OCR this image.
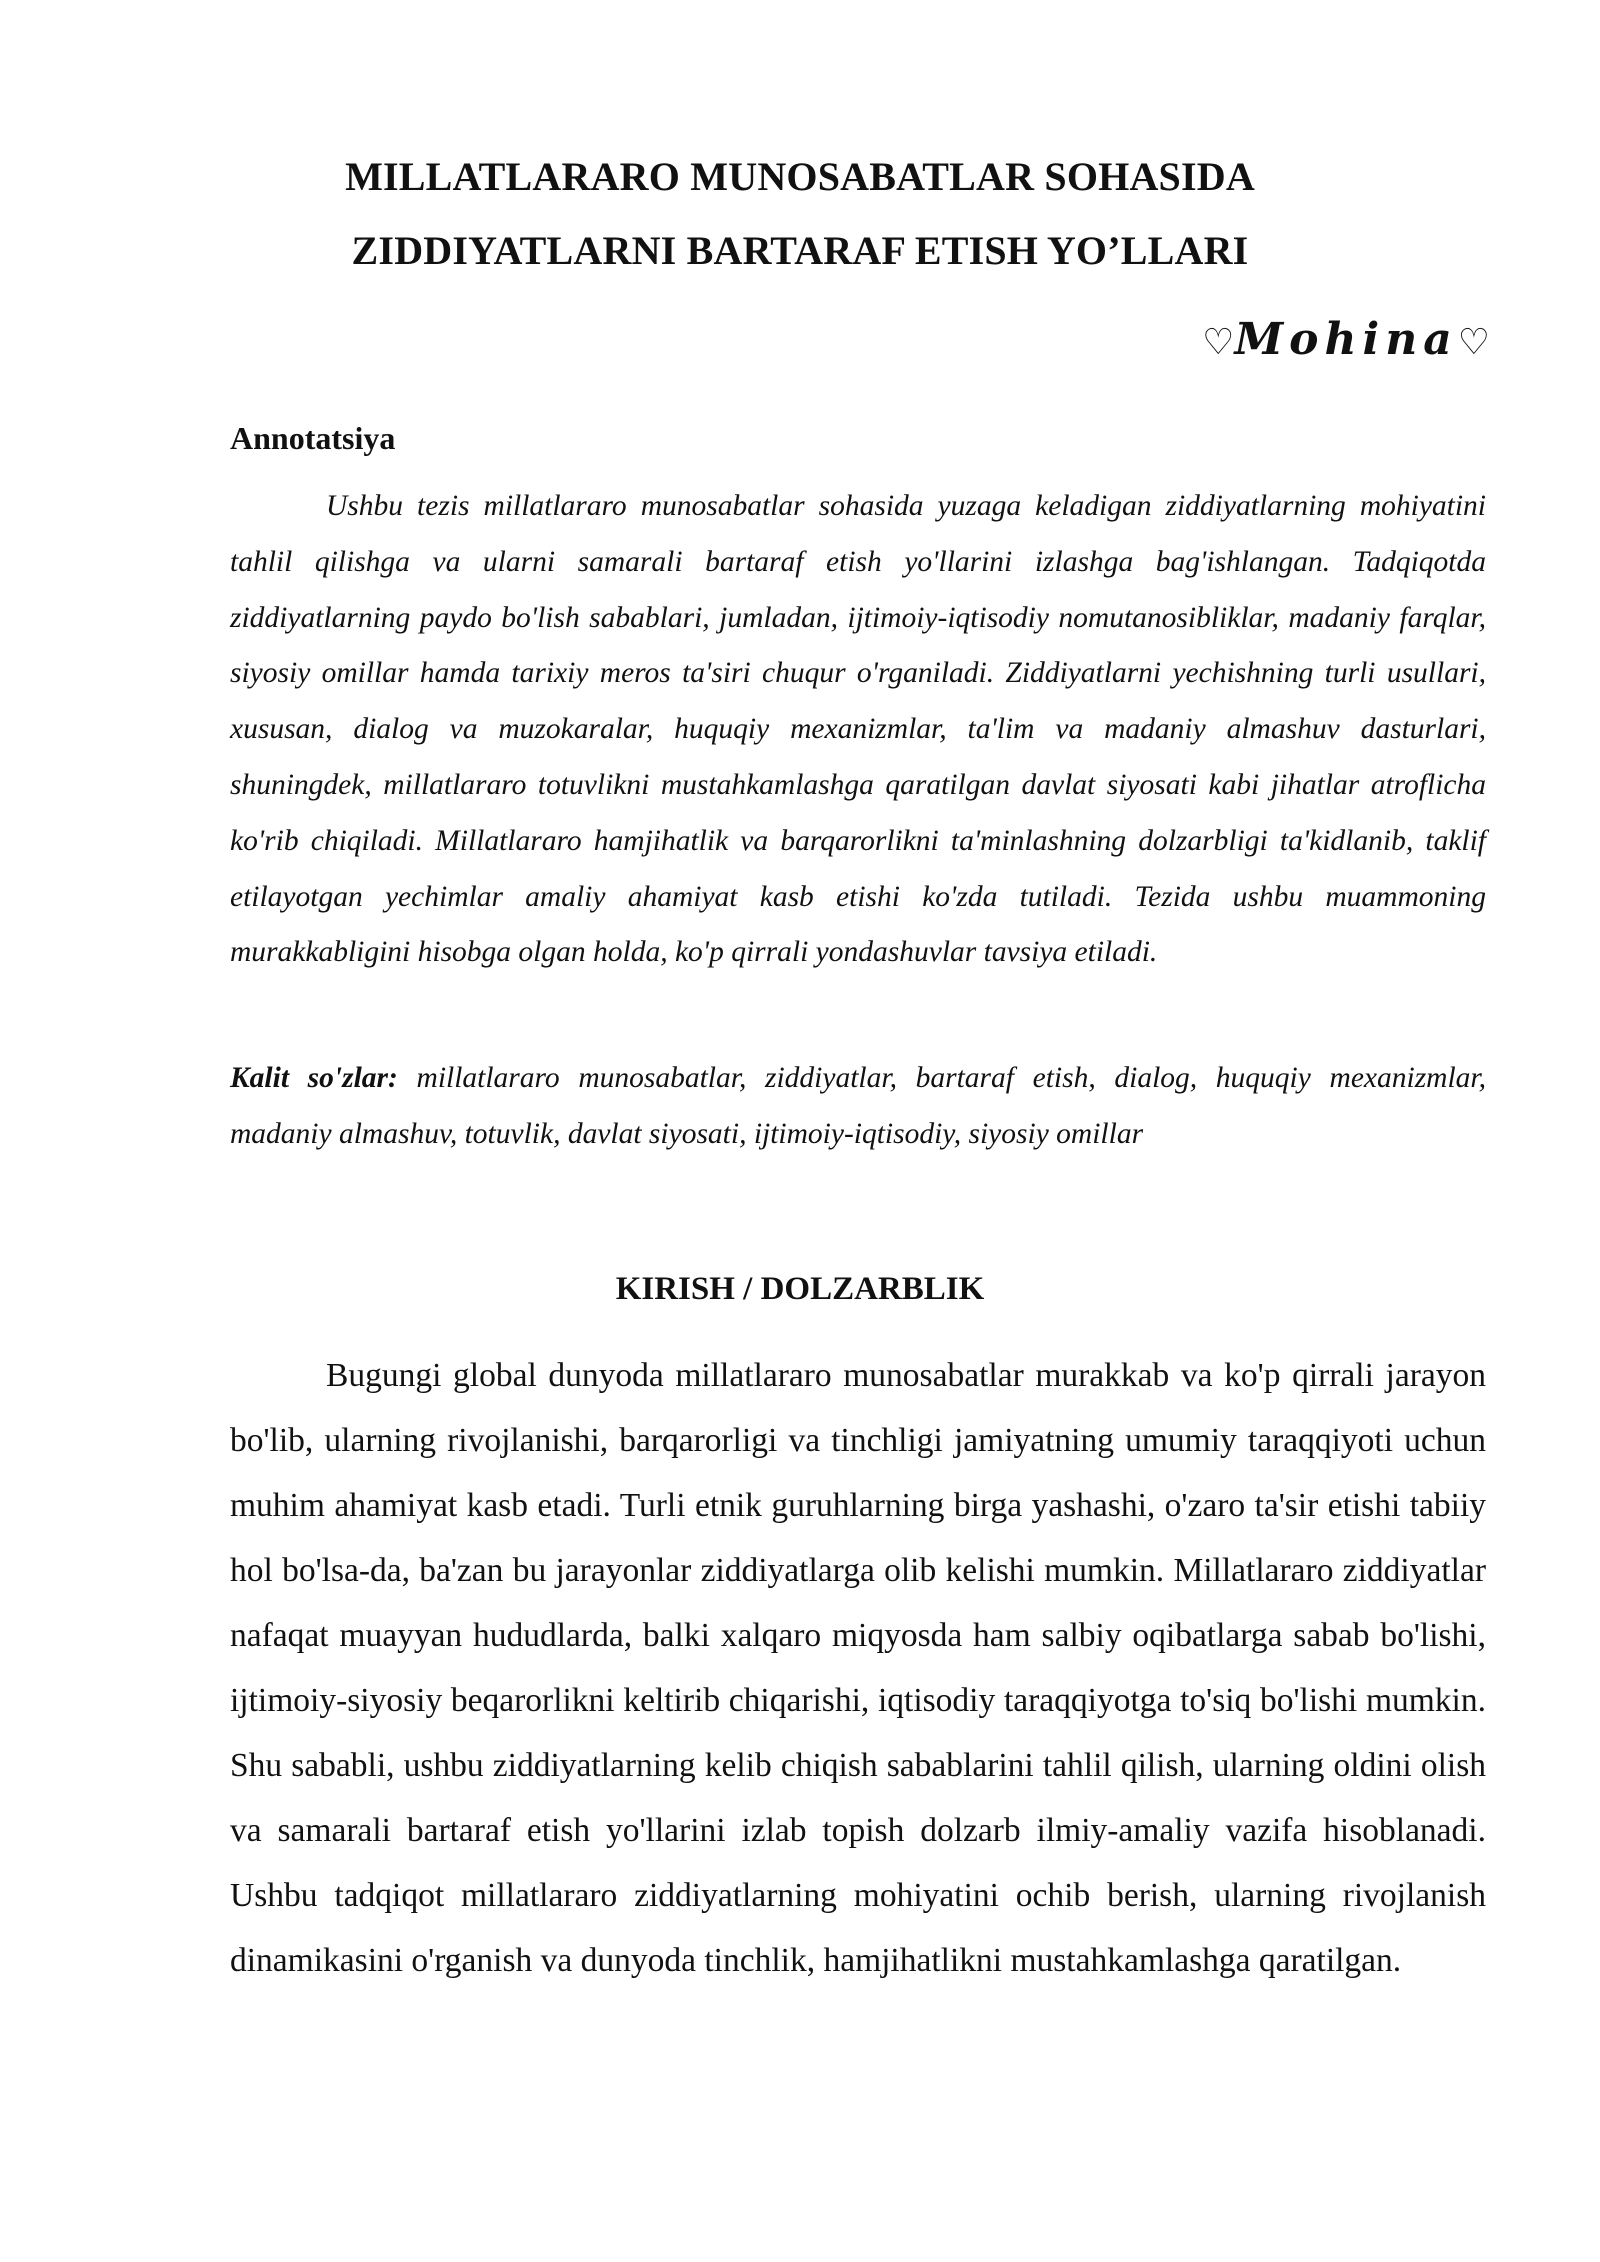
MILLATLARARO MUNOSABATLAR SOHASIDA
ZIDDIYATLARNI BARTARAF ETISH YO’LLARI
♡Mohina♡
Annotatsiya

Ushbu tezis millatlararo munosabatlar sohasida yuzaga keladigan ziddiyatlarning mohiyatini tahlil qilishga va ularni samarali bartaraf etish yo'llarini izlashga bag'ishlangan. Tadqiqotda ziddiyatlarning paydo bo'lish sabablari, jumladan, ijtimoiy-iqtisodiy nomutanosibliklar, madaniy farqlar, siyosiy omillar hamda tarixiy meros ta'siri chuqur o'rganiladi. Ziddiyatlarni yechishning turli usullari, xususan, dialog va muzokaralar, huquqiy mexanizmlar, ta'lim va madaniy almashuv dasturlari, shuningdek, millatlararo totuvlikni mustahkamlashga qaratilgan davlat siyosati kabi jihatlar atroflicha ko'rib chiqiladi. Millatlararo hamjihatlik va barqarorlikni ta'minlashning dolzarbligi ta'kidlanib, taklif etilayotgan yechimlar amaliy ahamiyat kasb etishi ko'zda tutiladi. Tezida ushbu muammoning murakkabligini hisobga olgan holda, ko'p qirrali yondashuvlar tavsiya etiladi.

Kalit so'zlar: millatlararo munosabatlar, ziddiyatlar, bartaraf etish, dialog, huquqiy mexanizmlar, madaniy almashuv, totuvlik, davlat siyosati, ijtimoiy-iqtisodiy, siyosiy omillar

KIRISH / DOLZARBLIK

Bugungi global dunyoda millatlararo munosabatlar murakkab va ko'p qirrali jarayon bo'lib, ularning rivojlanishi, barqarorligi va tinchligi jamiyatning umumiy taraqqiyoti uchun muhim ahamiyat kasb etadi. Turli etnik guruhlarning birga yashashi, o'zaro ta'sir etishi tabiiy hol bo'lsa-da, ba'zan bu jarayonlar ziddiyatlarga olib kelishi mumkin. Millatlararo ziddiyatlar nafaqat muayyan hududlarda, balki xalqaro miqyosda ham salbiy oqibatlarga sabab bo'lishi, ijtimoiy-siyosiy beqarorlikni keltirib chiqarishi, iqtisodiy taraqqiyotga to'siq bo'lishi mumkin. Shu sababli, ushbu ziddiyatlarning kelib chiqish sabablarini tahlil qilish, ularning oldini olish va samarali bartaraf etish yo'llarini izlab topish dolzarb ilmiy-amaliy vazifa hisoblanadi. Ushbu tadqiqot millatlararo ziddiyatlarning mohiyatini ochib berish, ularning rivojlanish dinamikasini o'rganish va dunyoda tinchlik, hamjihatlikni mustahkamlashga qaratilgan.
